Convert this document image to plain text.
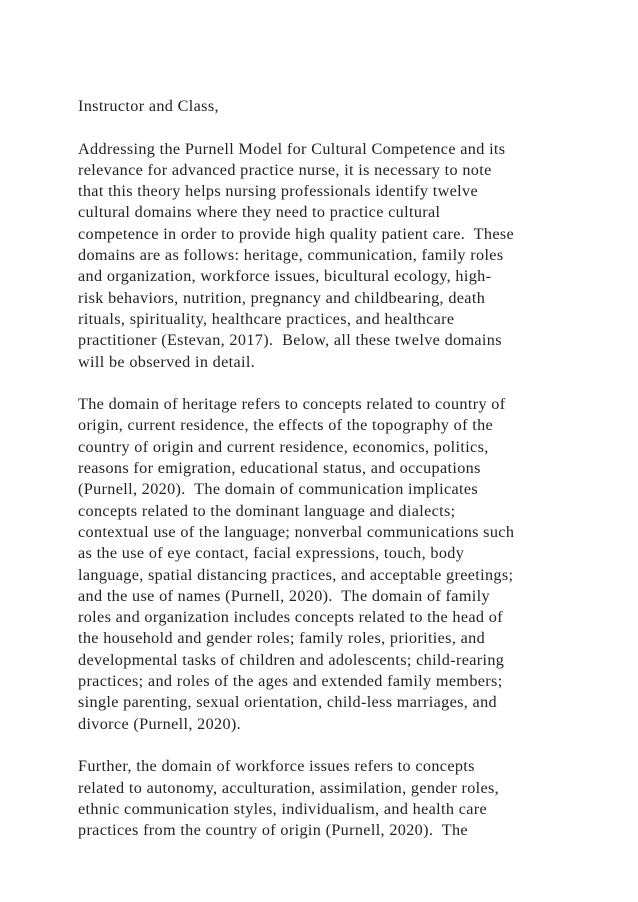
Instructor and Class,
Addressing the Purnell Model for Cultural Competence and its
relevance for advanced practice nurse, it is necessary to note
that this theory helps nursing professionals identify twelve
cultural domains where they need to practice cultural
competence in order to provide high quality patient care.  These
domains are as follows: heritage, communication, family roles
and organization, workforce issues, bicultural ecology, high-
risk behaviors, nutrition, pregnancy and childbearing, death
rituals, spirituality, healthcare practices, and healthcare
practitioner (Estevan, 2017).  Below, all these twelve domains
will be observed in detail.
The domain of heritage refers to concepts related to country of
origin, current residence, the effects of the topography of the
country of origin and current residence, economics, politics,
reasons for emigration, educational status, and occupations
(Purnell, 2020).  The domain of communication implicates
concepts related to the dominant language and dialects;
contextual use of the language; nonverbal communications such
as the use of eye contact, facial expressions, touch, body
language, spatial distancing practices, and acceptable greetings;
and the use of names (Purnell, 2020).  The domain of family
roles and organization includes concepts related to the head of
the household and gender roles; family roles, priorities, and
developmental tasks of children and adolescents; child-rearing
practices; and roles of the ages and extended family members;
single parenting, sexual orientation, child-less marriages, and
divorce (Purnell, 2020).
Further, the domain of workforce issues refers to concepts
related to autonomy, acculturation, assimilation, gender roles,
ethnic communication styles, individualism, and health care
practices from the country of origin (Purnell, 2020).  The
